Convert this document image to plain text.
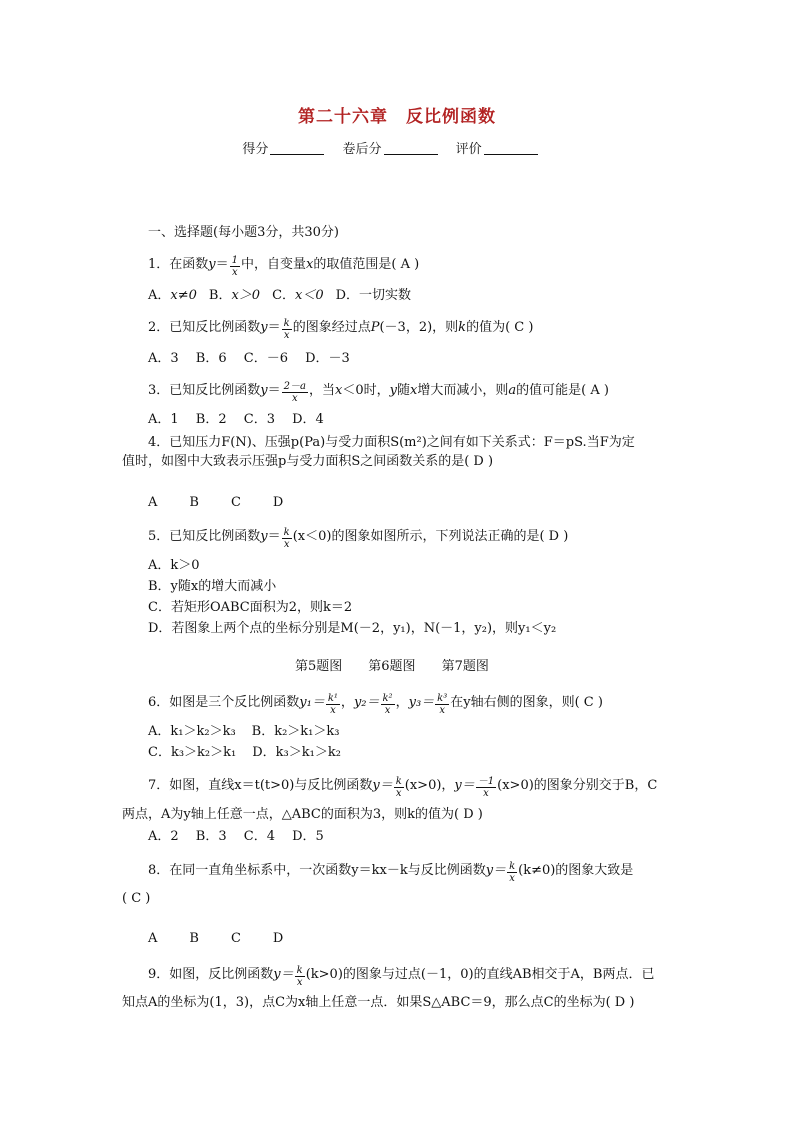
第二十六章　反比例函数
得分	卷后分	评价
一、选择题(每小题3分，共30分)
1．在函数$y= \frac{1}{x}$ 中，自变量x的取值范围是( A )
A．x≠0 B．x＞0 C．x＜0 D．一切实数
2．已知反比例函数$y= \frac{k}{x}$ 的图象经过点P(－3，2)，则k的值为( C )
A．3　 B．6　 C．－6　 D．－3
3．已知反比例函数$y= \frac{2-a}{x}$ ，当x＜0时，y随x增大而减小，则a的值可能是( A )
A．1　 B．2　 C．3　 D．4
4．已知压力F(N)、压强p(Pa)与受力面积S(m²)之间有如下关系式：F＝pS.当F为定
值时，如图中大致表示压强p与受力面积S之间函数关系的是( D )
A B C D
5．已知反比例函数$y= \frac{k}{x} (x<0)$的图象如图所示，下列说法正确的是( D )
A．k＞0
B．y随x的增大而减小
C．若矩形OABC面积为2，则k＝2
D．若图象上两个点的坐标分别是M(－2，y₁)，N(－1，y₂)，则y₁＜y₂
第5题图 第6题图 第7题图
6．如图是三个反比例函数$y_1= \frac{\text{k¹}}{x}$ ，$y_2= \frac{\text{k²}}{x}$ ，$y_3= \frac{\text{k³}}{x}$ 在y轴右侧的图象，则( C )
A．k₁＞k₂＞k₃ B．k₂＞k₁＞k₃
C．k₃＞k₂＞k₁ D．k₃＞k₁＞k₂
7．如图，直线x＝t(t>0)与反比例函数$y= \frac{k}{x} (x>0)$，$y= \frac{-1}{x} (x>0)$的图象分别交于B，C
两点，A为y轴上任意一点，△ABC的面积为3，则k的值为( D )
A．2　 B．3　 C．4　 D．5
8．在同一直角坐标系中，一次函数y＝kx－k与反比例函数$y= \frac{k}{x} (k\ne 0)$的图象大致是
( C )
A B C D
9．如图，反比例函数$y= \frac{k}{x} (k>0)$的图象与过点(－1，0)的直线AB相交于A，B两点．已
知点A的坐标为(1，3)，点C为x轴上任意一点．如果S△ABC＝9，那么点C的坐标为( D )
